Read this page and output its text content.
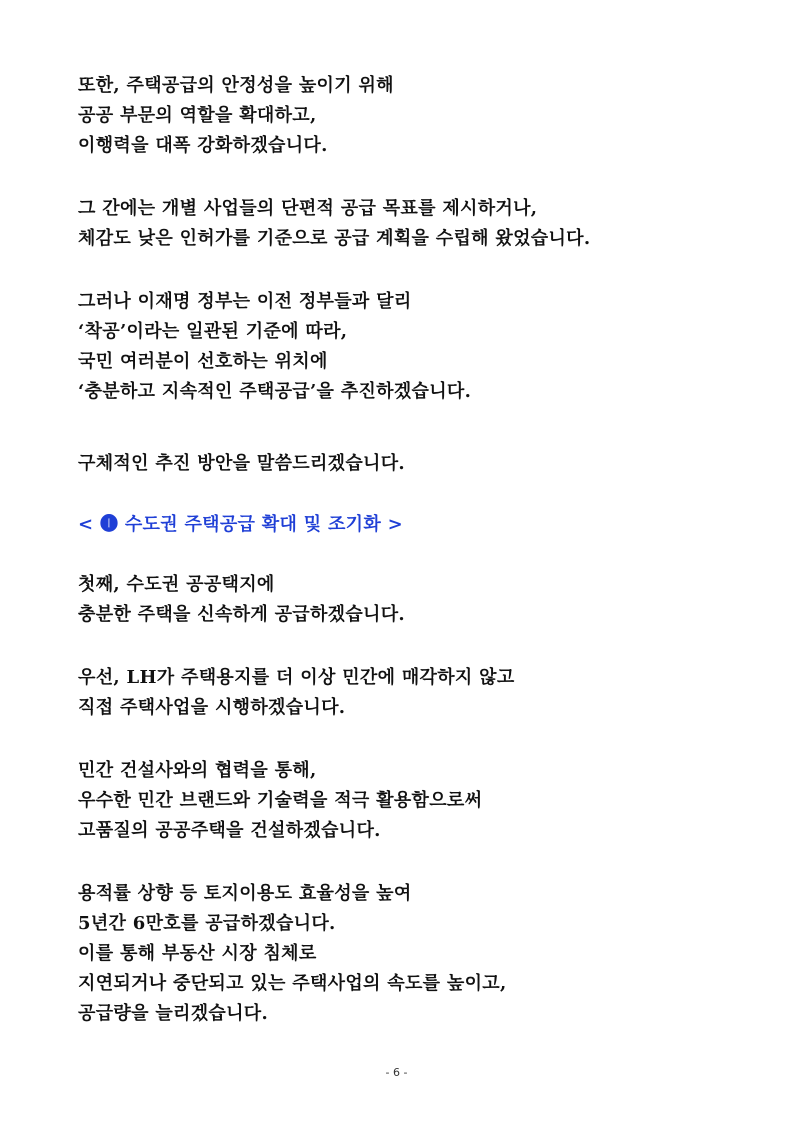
또한, 주택공급의 안정성을 높이기 위해
공공 부문의 역할을 확대하고,
이행력을 대폭 강화하겠습니다.
그 간에는 개별 사업들의 단편적 공급 목표를 제시하거나,
체감도 낮은 인허가를 기준으로 공급 계획을 수립해 왔었습니다.
그러나 이재명 정부는 이전 정부들과 달리
‘착공’이라는 일관된 기준에 따라,
국민 여러분이 선호하는 위치에
‘충분하고 지속적인 주택공급’을 추진하겠습니다.
구체적인 추진 방안을 말씀드리겠습니다.
< ❶ 수도권 주택공급 확대 및 조기화 >
첫째, 수도권 공공택지에
충분한 주택을 신속하게 공급하겠습니다.
우선, LH가 주택용지를 더 이상 민간에 매각하지 않고
직접 주택사업을 시행하겠습니다.
민간 건설사와의 협력을 통해,
우수한 민간 브랜드와 기술력을 적극 활용함으로써
고품질의 공공주택을 건설하겠습니다.
용적률 상향 등 토지이용도 효율성을 높여
5년간 6만호를 공급하겠습니다.
이를 통해 부동산 시장 침체로
지연되거나 중단되고 있는 주택사업의 속도를 높이고,
공급량을 늘리겠습니다.
- 6 -
